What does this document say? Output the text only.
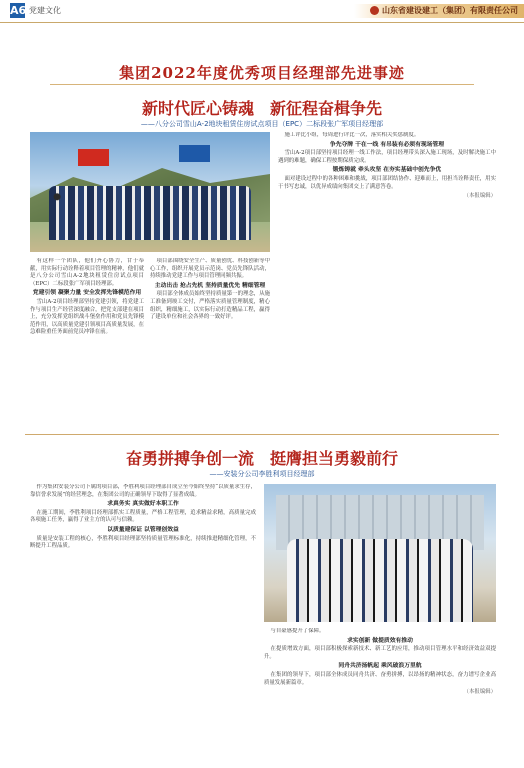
A6 党建文化	山东省建设建工（集团）有限责任公司
集团2022年度优秀项目经理部先进事迹
新时代匠心铸魂　新征程奋楫争先
——八分公司雪山A-2地块租赁住房试点项目（EPC）二标段张广军项目经理部

有这样一个团队，他们齐心协力，甘于奉献，用实际行动诠释着项目管理的精神，他们就是八分公司雪山A-2地块租赁住房试点项目（EPC）二标段张广军项目经理部。

党建引领 凝聚力量 安全发挥先锋模范作用

雪山A-2项目经理部坚持党建引领，将党建工作与项目生产经营深度融合，把党支部建在项目上，充分发挥党组织战斗堡垒作用和党员先锋模范作用，以高质量党建引领项目高质量发展，在急难险重任务面前党员冲锋在前。

项目部围绕安全生产、质量创优、科技创新等中心工作，组织开展党员示范岗、党员先锋队活动，持续推动党建工作与项目管理同频共振。

主动出击 抢占先机 坚持质量优先 精细管理

项目部全体成员始终坚持质量第一的理念，从施工准备到竣工交付，严格落实质量管理制度，精心组织，精细施工，以实际行动打造精品工程，赢得了建设单位和社会各界的一致好评。

施工评比小组，每周进行评比一次，落实相关奖惩制度。

争先夺牌 干在一线 有吊装有必须有现场管理

雪山A-2项目部坚持项目经理一线工作法，项目经理带头深入施工现场，及时解决施工中遇到的难题，确保工程按期保质完成。

锻炼铸就 牵头攻坚 在夯实基础中创先争优

面对建设过程中的各种困难和挑战，项目部团结协作、迎难而上，用担当诠释责任，用实干书写忠诚，以优异成绩向集团交上了满意答卷。

（本报编辑）

奋勇拼搏争创一流　挺膺担当勇毅前行
——安装分公司李胜利项目经理部

作为集团安装分公司下属的项目部，李胜利项目经理部自成立至今始终坚持“以质量求生存，靠信誉求发展”的经营理念，在集团公司的正确领导下取得了显著成绩。

求真务实 真实做好本职工作

在施工期间，李胜利项目经理部抓实工程质量，严格工程管理，追求精益求精，高质量完成各项施工任务，赢得了业主方的认可与信赖。

以质量建保证 以管理创效益

质量是安装工程的核心，李胜利项目经理部坚持质量管理标准化，持续推进精细化管理，不断提升工程品质。

与自豪感提升了保障。

求实创新 做提质效有推动

在提质增效方面，项目部积极探索新技术、新工艺的应用，推动项目管理水平和经济效益双提升。

同舟共济扬帆起 乘风破浪万里航

在集团的领导下，项目部全体成员同舟共济、奋勇拼搏，以昂扬的精神状态，奋力谱写企业高质量发展新篇章。

（本报编辑）
